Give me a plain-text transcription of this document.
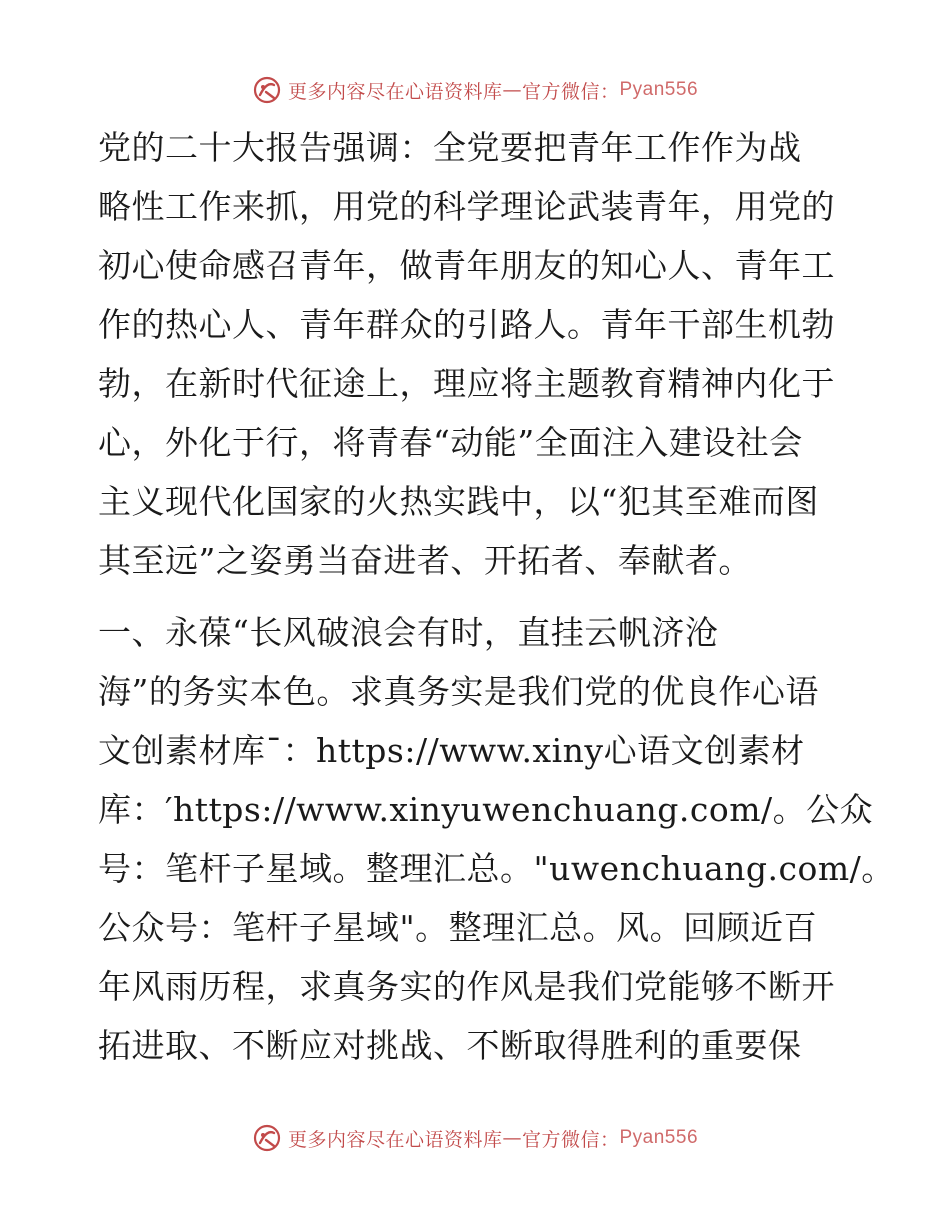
更多内容尽在心语资料库 — 官方微信： Pyan556
党的二十大报告强调：全党要把青年工作作为战
略性工作来抓，用党的科学理论武装青年，用党的
初心使命感召青年，做青年朋友的知心人、青年工
作的热心人、青年群众的引路人。青年干部生机勃
勃，在新时代征途上，理应将主题教育精神内化于
心，外化于行，将青春“动能”全面注入建设社会
主义现代化国家的火热实践中，以“犯其至难而图
其至远”之姿勇当奋进者、开拓者、奉献者。
一、永葆“长风破浪会有时，直挂云帆济沧
海”的务实本色。求真务实是我们党的优良作心语
文创素材库¯：https://www.xiny心语文创素材
库：′https://www.xinyuwenchuang.com/。公众
号：笔杆子星域。整理汇总。"uwenchuang.com/。
公众号：笔杆子星域"。整理汇总。风。回顾近百
年风雨历程，求真务实的作风是我们党能够不断开
拓进取、不断应对挑战、不断取得胜利的重要保
更多内容尽在心语资料库 — 官方微信： Pyan556
